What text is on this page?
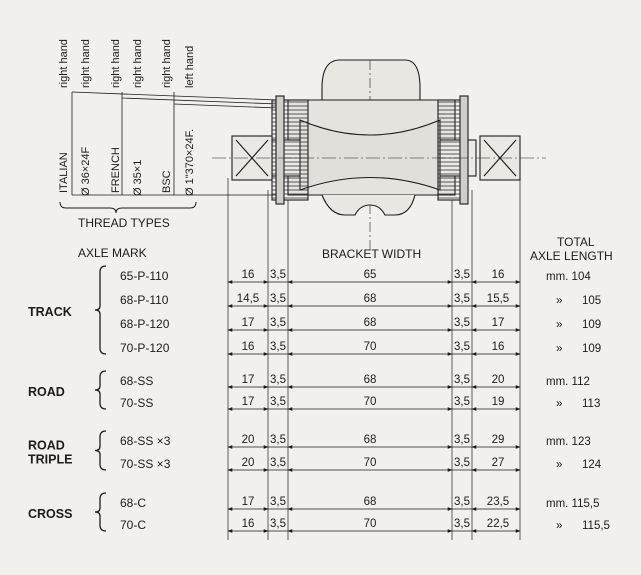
right hand right hand right hand right hand right hand left hand
ITALIAN Ø 36×24F FRENCH Ø 35×1 BSC Ø 1"370×24F.
THREAD TYPES
AXLE MARK	BRACKET WIDTH
TOTAL
AXLE LENGTH
TRACK
65-P-110	16 3,5	65	3,5 16	mm. 104
68-P-110	14,5 3,5	68	3,5 15,5	» 105
68-P-120	17 3,5	68	3,5 17	» 109
70-P-120	16 3,5	70	3,5 16	» 109
ROAD
68-SS	17 3,5	68	3,5 20	mm. 112
70-SS	17 3,5	70	3,5 19	» 113
ROAD
TRIPLE
68-SS ×3	20 3,5	68	3,5 29	mm. 123
70-SS ×3	20 3,5	70	3,5 27	» 124
CROSS
68-C	17 3,5	68	3,5 23,5	mm. 115,5
70-C	16 3,5	70	3,5 22,5	» 115,5
